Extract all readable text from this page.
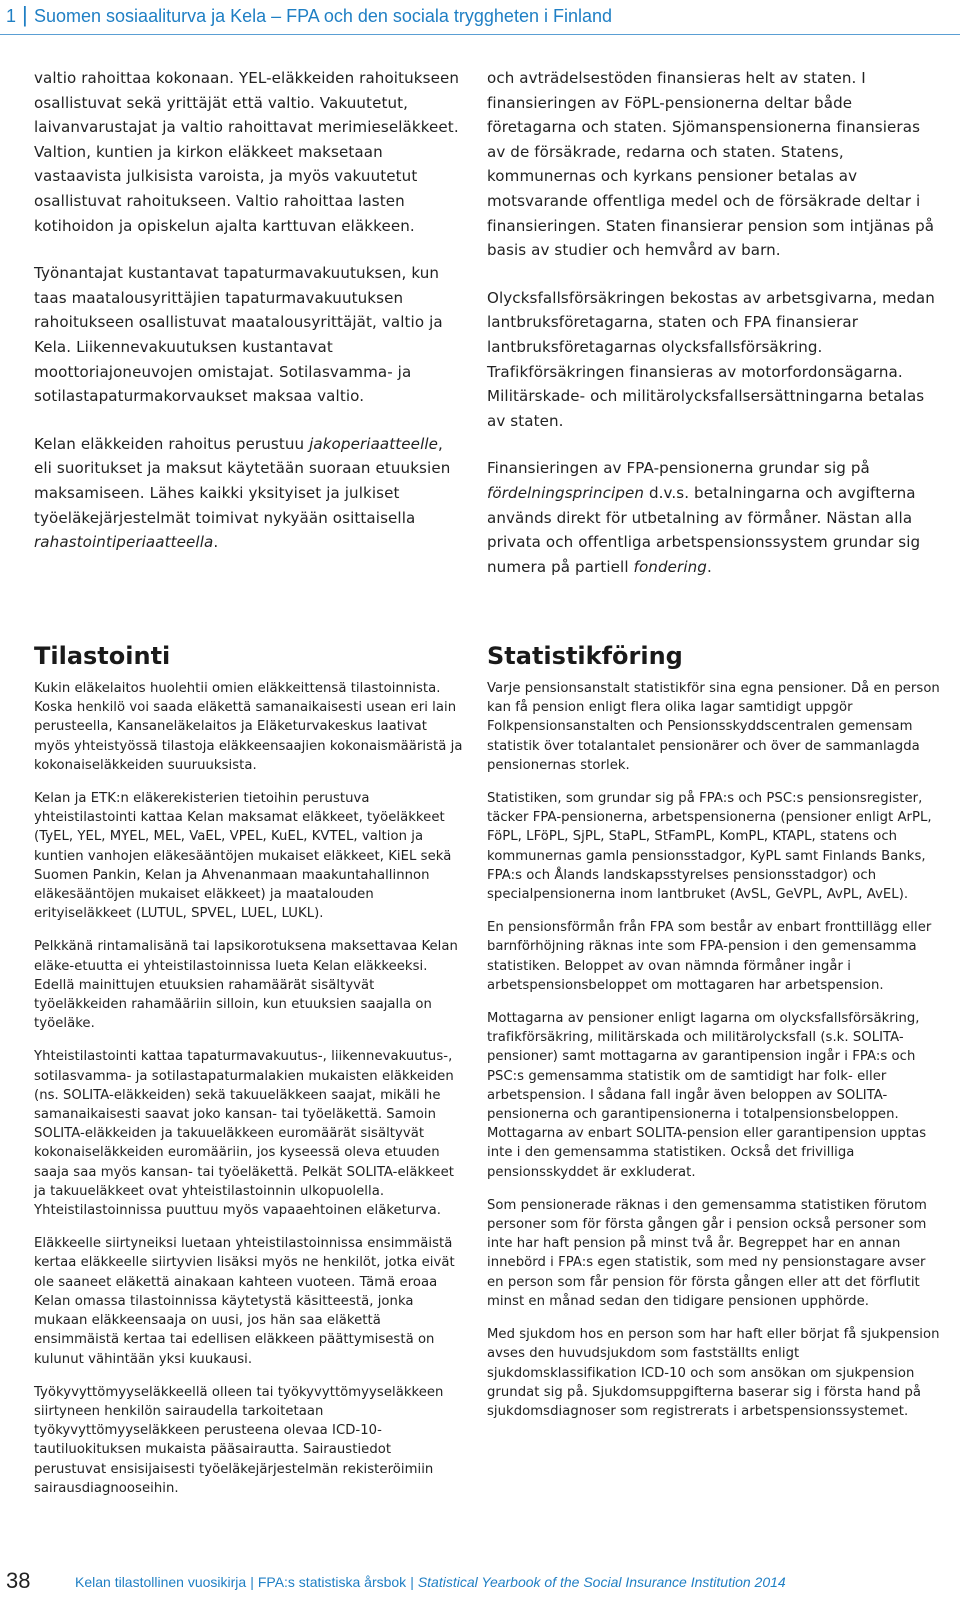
1 | Suomen sosiaaliturva ja Kela – FPA och den sociala tryggheten i Finland

valtio rahoittaa kokonaan. YEL-eläkkeiden rahoitukseen osallistuvat sekä yrittäjät että valtio. Vakuutetut, laivanvarustajat ja valtio rahoittavat merimieseläkkeet. Valtion, kuntien ja kirkon eläkkeet maksetaan vastaavista julkisista varoista, ja myös vakuutetut osallistuvat rahoitukseen. Valtio rahoittaa lasten kotihoidon ja opiskelun ajalta karttuvan eläkkeen.

Työnantajat kustantavat tapaturmavakuutuksen, kun taas maatalousyrittäjien tapaturmavakuutuksen rahoitukseen osallistuvat maatalousyrittäjät, valtio ja Kela. Liikennevakuutuksen kustantavat moottoriajoneuvojen omistajat. Sotilasvamma- ja sotilastapaturmakorvaukset maksaa valtio.

Kelan eläkkeiden rahoitus perustuu jakoperiaatteelle, eli suoritukset ja maksut käytetään suoraan etuuksien maksamiseen. Lähes kaikki yksityiset ja julkiset työeläkejärjestelmät toimivat nykyään osittaisella rahastointiperiaatteella.

och avträdelsestöden finansieras helt av staten. I finansieringen av FöPL-pensionerna deltar både företagarna och staten. Sjömanspensionerna finansieras av de försäkrade, redarna och staten. Statens, kommunernas och kyrkans pensioner betalas av motsvarande offentliga medel och de försäkrade deltar i finansieringen. Staten finansierar pension som intjänas på basis av studier och hemvård av barn.

Olycksfallsförsäkringen bekostas av arbetsgivarna, medan lantbruksföretagarna, staten och FPA finansierar lantbruksföretagarnas olycksfallsförsäkring. Trafikförsäkringen finansieras av motorfordonsägarna. Militärskade- och militärolycksfallsersättningarna betalas av staten.

Finansieringen av FPA-pensionerna grundar sig på fördelningsprincipen d.v.s. betalningarna och avgifterna används direkt för utbetalning av förmåner. Nästan alla privata och offentliga arbetspensionssystem grundar sig numera på partiell fondering.

Tilastointi

Kukin eläkelaitos huolehtii omien eläkkeittensä tilastoinnista. Koska henkilö voi saada eläkettä samanaikaisesti usean eri lain perusteella, Kansaneläkelaitos ja Eläketurvakeskus laativat myös yhteistyössä tilastoja eläkkeensaajien kokonaismääristä ja kokonaiseläkkeiden suuruuksista.

Kelan ja ETK:n eläkerekisterien tietoihin perustuva yhteistilastointi kattaa Kelan maksamat eläkkeet, työeläkkeet (TyEL, YEL, MYEL, MEL, VaEL, VPEL, KuEL, KVTEL, valtion ja kuntien vanhojen eläkesääntöjen mukaiset eläkkeet, KiEL sekä Suomen Pankin, Kelan ja Ahvenanmaan maakuntahallinnon eläkesääntöjen mukaiset eläkkeet) ja maatalouden erityiseläkkeet (LUTUL, SPVEL, LUEL, LUKL).

Pelkkänä rintamalisänä tai lapsikorotuksena maksettavaa Kelan eläke-etuutta ei yhteistilastoinnissa lueta Kelan eläkkeeksi. Edellä mainittujen etuuksien rahamäärät sisältyvät työeläkkeiden rahamääriin silloin, kun etuuksien saajalla on työeläke.

Yhteistilastointi kattaa tapaturmavakuutus-, liikennevakuutus-, sotilasvamma- ja sotilastapaturmalakien mukaisten eläkkeiden (ns. SOLITA-eläkkeiden) sekä takuueläkkeen saajat, mikäli he samanaikaisesti saavat joko kansan- tai työeläkettä. Samoin SOLITA-eläkkeiden ja takuueläkkeen euromäärät sisältyvät kokonaiseläkkeiden euromääriin, jos kyseessä oleva etuuden saaja saa myös kansan- tai työeläkettä. Pelkät SOLITA-eläkkeet ja takuueläkkeet ovat yhteistilastoinnin ulkopuolella. Yhteistilastoinnissa puuttuu myös vapaaehtoinen eläketurva.

Eläkkeelle siirtyneiksi luetaan yhteistilastoinnissa ensimmäistä kertaa eläkkeelle siirtyvien lisäksi myös ne henkilöt, jotka eivät ole saaneet eläkettä ainakaan kahteen vuoteen. Tämä eroaa Kelan omassa tilastoinnissa käytetystä käsitteestä, jonka mukaan eläkkeensaaja on uusi, jos hän saa eläkettä ensimmäistä kertaa tai edellisen eläkkeen päättymisestä on kulunut vähintään yksi kuukausi.

Työkyvyttömyyseläkkeellä olleen tai työkyvyttömyyseläkkeen siirtyneen henkilön sairaudella tarkoitetaan työkyvyttömyyseläkkeen perusteena olevaa ICD-10-tautiluokituksen mukaista pääsairautta. Sairaustiedot perustuvat ensisijaisesti työeläkejärjestelmän rekisteröimiin sairausdiagnooseihin.

Statistikföring

Varje pensionsanstalt statistikför sina egna pensioner. Då en person kan få pension enligt flera olika lagar samtidigt uppgör Folkpensionsanstalten och Pensionsskyddscentralen gemensam statistik över totalantalet pensionärer och över de sammanlagda pensionernas storlek.

Statistiken, som grundar sig på FPA:s och PSC:s pensionsregister, täcker FPA-pensionerna, arbetspensionerna (pensioner enligt ArPL, FöPL, LFöPL, SjPL, StaPL, StFamPL, KomPL, KTAPL, statens och kommunernas gamla pensionsstadgor, KyPL samt Finlands Banks, FPA:s och Ålands landskapsstyrelses pensionsstadgor) och specialpensionerna inom lantbruket (AvSL, GeVPL, AvPL, AvEL).

En pensionsförmån från FPA som består av enbart fronttillägg eller barnförhöjning räknas inte som FPA-pension i den gemensamma statistiken. Beloppet av ovan nämnda förmåner ingår i arbetspensionsbeloppet om mottagaren har arbetspension.

Mottagarna av pensioner enligt lagarna om olycksfallsförsäkring, trafikförsäkring, militärskada och militärolycksfall (s.k. SOLITA-pensioner) samt mottagarna av garantipension ingår i FPA:s och PSC:s gemensamma statistik om de samtidigt har folk- eller arbetspension. I sådana fall ingår även beloppen av SOLITA-pensionerna och garantipensionerna i totalpensionsbeloppen. Mottagarna av enbart SOLITA-pension eller garantipension upptas inte i den gemensamma statistiken. Också det frivilliga pensionsskyddet är exkluderat.

Som pensionerade räknas i den gemensamma statistiken förutom personer som för första gången går i pension också personer som inte har haft pension på minst två år. Begreppet har en annan innebörd i FPA:s egen statistik, som med ny pensionstagare avser en person som får pension för första gången eller att det förflutit minst en månad sedan den tidigare pensionen upphörde.

Med sjukdom hos en person som har haft eller börjat få sjukpension avses den huvudsjukdom som fastställts enligt sjukdomsklassifikation ICD-10 och som ansökan om sjukpension grundat sig på. Sjukdomsuppgifterna baserar sig i första hand på sjukdomsdiagnoser som registrerats i arbetspensionssystemet.

38	Kelan tilastollinen vuosikirja | FPA:s statistiska årsbok | Statistical Yearbook of the Social Insurance Institution 2014
